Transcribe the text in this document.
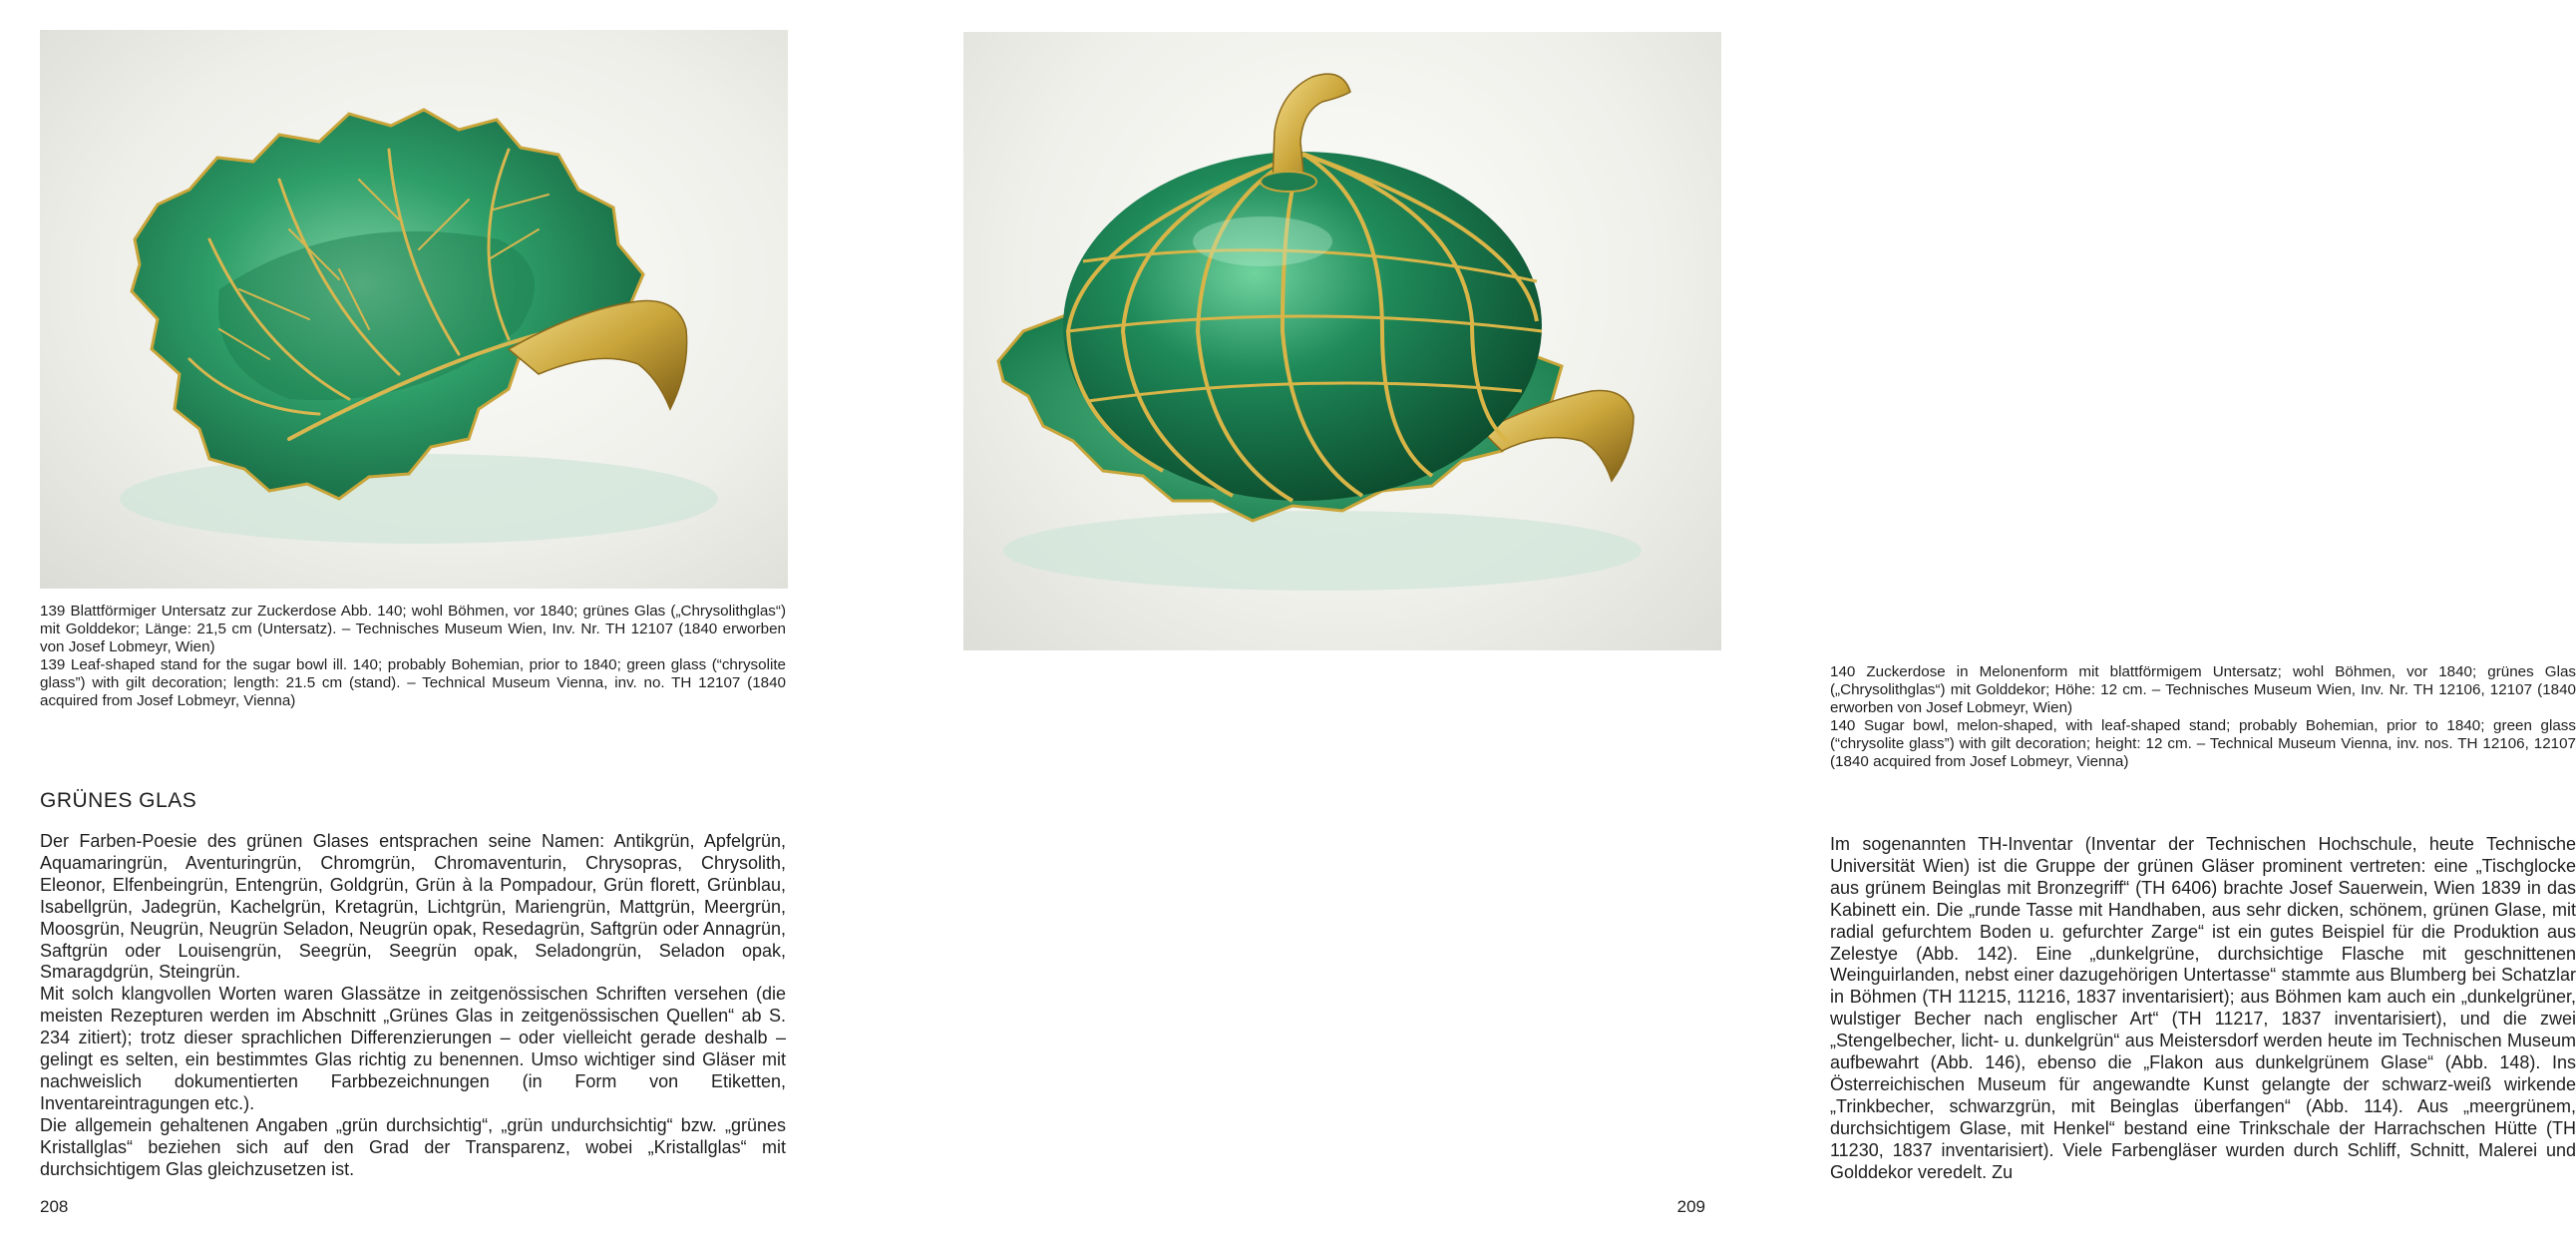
139 Blattförmiger Untersatz zur Zuckerdose Abb. 140; wohl Böhmen, vor 1840; grünes Glas („Chrysolithglas“) mit Golddekor; Länge: 21,5 cm (Untersatz). – Technisches Museum Wien, Inv. Nr. TH 12107 (1840 erworben von Josef Lobmeyr, Wien)

139 Leaf-shaped stand for the sugar bowl ill. 140; probably Bohemian, prior to 1840; green glass (“chrysolite glass”) with gilt decoration; length: 21.5 cm (stand). – Technical Museum Vienna, inv. no. TH 12107 (1840 acquired from Josef Lobmeyr, Vienna)

GRÜNES GLAS

Der Farben-Poesie des grünen Glases entsprachen seine Namen: Antikgrün, Apfelgrün, Aquamaringrün, Aventuringrün, Chromgrün, Chromaventurin, Chrysopras, Chrysolith, Eleonor, Elfenbeingrün, Entengrün, Goldgrün, Grün à la Pompadour, Grün florett, Grünblau, Isabellgrün, Jadegrün, Kachelgrün, Kretagrün, Lichtgrün, Mariengrün, Mattgrün, Meergrün, Moosgrün, Neugrün, Neugrün Seladon, Neugrün opak, Resedagrün, Saftgrün oder Annagrün, Saftgrün oder Louisengrün, Seegrün, Seegrün opak, Seladongrün, Seladon opak, Smaragdgrün, Steingrün.

Mit solch klangvollen Worten waren Glassätze in zeitgenössischen Schriften versehen (die meisten Rezepturen werden im Abschnitt „Grünes Glas in zeitgenössischen Quellen“ ab S. 234 zitiert); trotz dieser sprachlichen Differenzierungen – oder vielleicht gerade deshalb – gelingt es selten, ein bestimmtes Glas richtig zu benennen. Umso wichtiger sind Gläser mit nachweislich dokumentierten Farbbezeichnungen (in Form von Etiketten, Inventareintragungen etc.).

Die allgemein gehaltenen Angaben „grün durchsichtig“, „grün undurchsichtig“ bzw. „grünes Kristallglas“ beziehen sich auf den Grad der Transparenz, wobei „Kristallglas“ mit durchsichtigem Glas gleichzusetzen ist.

208

140 Zuckerdose in Melonenform mit blattförmigem Untersatz; wohl Böhmen, vor 1840; grünes Glas („Chrysolithglas“) mit Golddekor; Höhe: 12 cm. – Technisches Museum Wien, Inv. Nr. TH 12106, 12107 (1840 erworben von Josef Lobmeyr, Wien)

140 Sugar bowl, melon-shaped, with leaf-shaped stand; probably Bohemian, prior to 1840; green glass (“chrysolite glass”) with gilt decoration; height: 12 cm. – Technical Museum Vienna, inv. nos. TH 12106, 12107 (1840 acquired from Josef Lobmeyr, Vienna)

Im sogenannten TH-Inventar (Inventar der Technischen Hochschule, heute Technische Universität Wien) ist die Gruppe der grünen Gläser prominent vertreten: eine „Tischglocke aus grünem Beinglas mit Bronzegriff“ (TH 6406) brachte Josef Sauerwein, Wien 1839 in das Kabinett ein. Die „runde Tasse mit Handhaben, aus sehr dicken, schönem, grünen Glase, mit radial gefurchtem Boden u. gefurchter Zarge“ ist ein gutes Beispiel für die Produktion aus Zelestye (Abb. 142). Eine „dunkelgrüne, durchsichtige Flasche mit geschnittenen Weinguirlanden, nebst einer dazugehörigen Untertasse“ stammte aus Blumberg bei Schatzlar in Böhmen (TH 11215, 11216, 1837 inventarisiert); aus Böhmen kam auch ein „dunkelgrüner, wulstiger Becher nach englischer Art“ (TH 11217, 1837 inventarisiert), und die zwei „Stengelbecher, licht- u. dunkelgrün“ aus Meistersdorf werden heute im Technischen Museum aufbewahrt (Abb. 146), ebenso die „Flakon aus dunkelgrünem Glase“ (Abb. 148). Ins Österreichischen Museum für angewandte Kunst gelangte der schwarz-weiß wirkende „Trinkbecher, schwarzgrün, mit Beinglas überfangen“ (Abb. 114). Aus „meergrünem, durchsichtigem Glase, mit Henkel“ bestand eine Trinkschale der Harrachschen Hütte (TH 11230, 1837 inventarisiert). Viele Farbengläser wurden durch Schliff, Schnitt, Malerei und Golddekor veredelt. Zu

209
